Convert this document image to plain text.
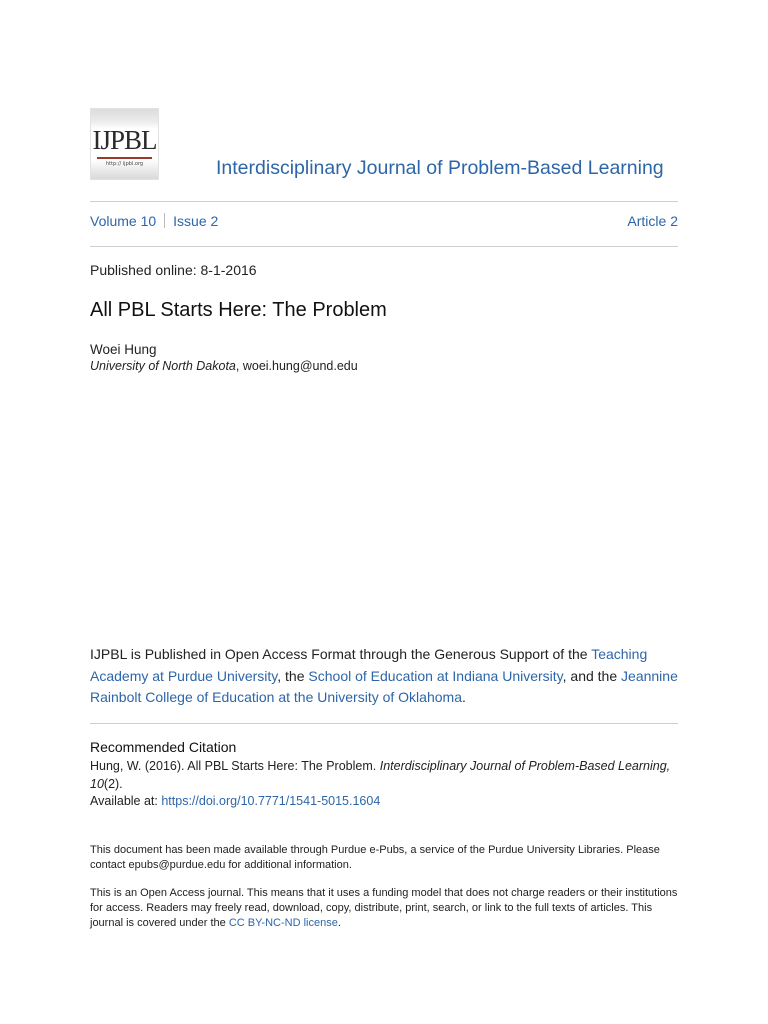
IJPBL
http:// ijpbl.org	Interdisciplinary Journal of Problem-Based Learning
Volume 10 Issue 2	Article 2
Published online: 8-1-2016
All PBL Starts Here: The Problem
Woei Hung
University of North Dakota, woei.hung@und.edu
IJPBL is Published in Open Access Format through the Generous Support of the Teaching Academy at Purdue University, the School of Education at Indiana University, and the Jeannine Rainbolt College of Education at the University of Oklahoma.
Recommended Citation
Hung, W. (2016). All PBL Starts Here: The Problem. Interdisciplinary Journal of Problem-Based Learning, 10(2).
Available at: https://doi.org/10.7771/1541-5015.1604
This document has been made available through Purdue e-Pubs, a service of the Purdue University Libraries. Please contact epubs@purdue.edu for additional information.
This is an Open Access journal. This means that it uses a funding model that does not charge readers or their institutions for access. Readers may freely read, download, copy, distribute, print, search, or link to the full texts of articles. This journal is covered under the CC BY-NC-ND license.
